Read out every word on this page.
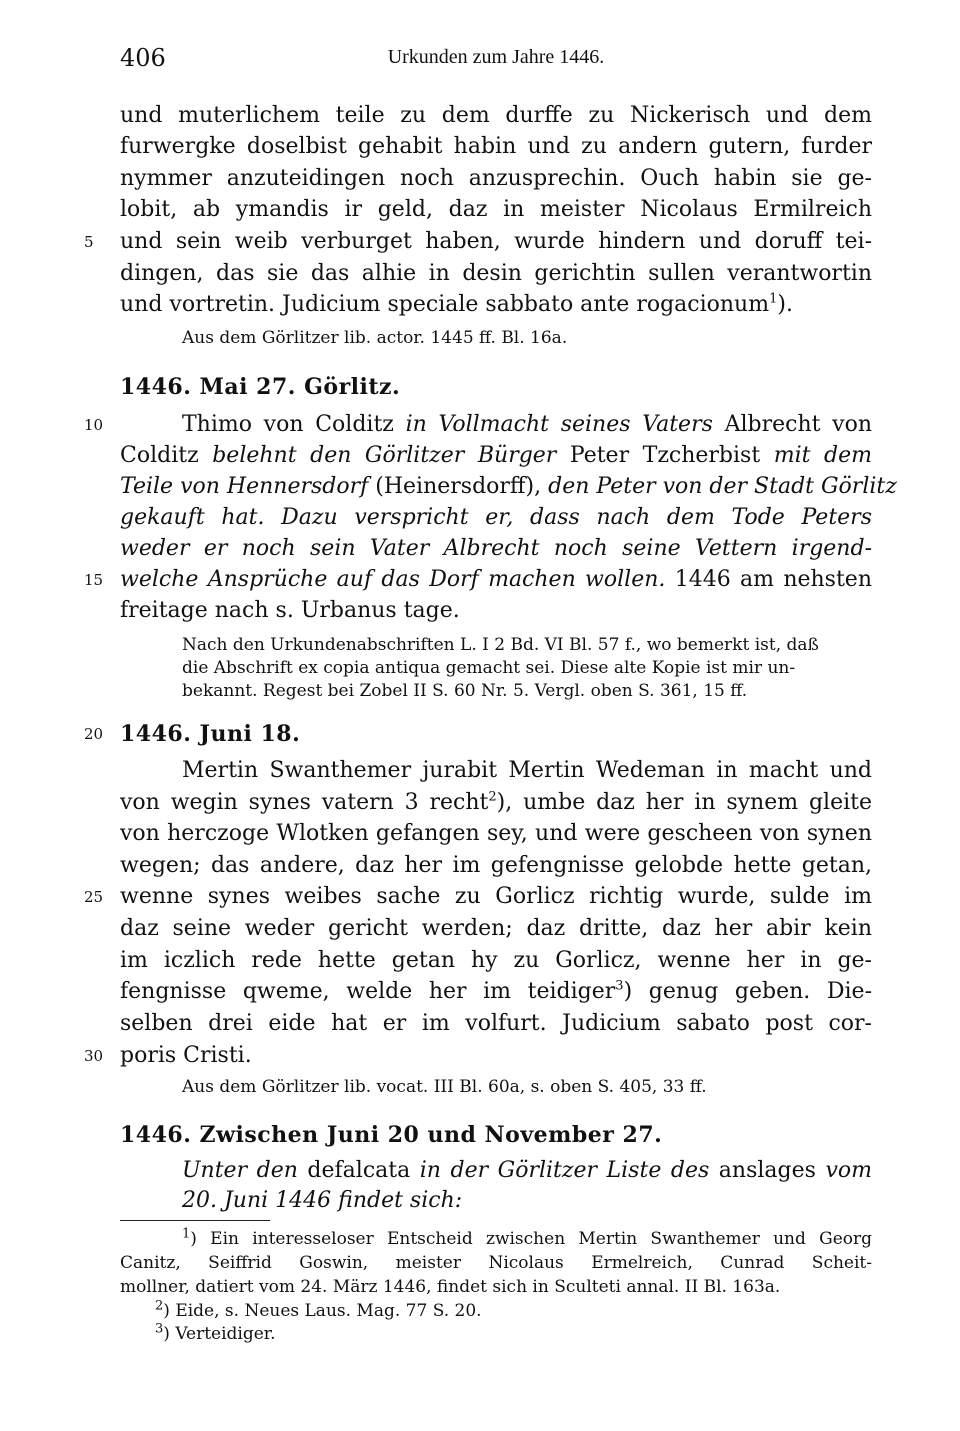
406	Urkunden zum Jahre 1446.
5
10
15
20
25
30
und muterlichem teile zu dem durffe zu Nickerisch und dem
furwergke doselbist gehabit habin und zu andern gutern, furder
nymmer anzuteidingen noch anzusprechin. Ouch habin sie ge-
lobit, ab ymandis ir geld, daz in meister Nicolaus Ermilreich
und sein weib verburget haben, wurde hindern und doruff tei-
dingen, das sie das alhie in desin gerichtin sullen verantwortin
und vortretin. Judicium speciale sabbato ante rogacionum$^1$).
Aus dem Görlitzer lib. actor. 1445 ff. Bl. 16a.
1446. Mai 27. Görlitz.
Thimo von Colditz in Vollmacht seines Vaters Albrecht von
Colditz belehnt den Görlitzer Bürger Peter Tzcherbist mit dem
Teile von Hennersdorf (Heinersdorff), den Peter von der Stadt Görlitz
gekauft hat. Dazu verspricht er, dass nach dem Tode Peters
weder er noch sein Vater Albrecht noch seine Vettern irgend-
welche Ansprüche auf das Dorf machen wollen. 1446 am nehsten
freitage nach s. Urbanus tage.
Nach den Urkundenabschriften L. I 2 Bd. VI Bl. 57 f., wo bemerkt ist, daß
die Abschrift ex copia antiqua gemacht sei. Diese alte Kopie ist mir un-
bekannt. Regest bei Zobel II S. 60 Nr. 5. Vergl. oben S. 361, 15 ff.
1446. Juni 18.
Mertin Swanthemer jurabit Mertin Wedeman in macht und
von wegin synes vatern 3 recht$^2$), umbe daz her in synem gleite
von herczoge Wlotken gefangen sey, und were gescheen von synen
wegen; das andere, daz her im gefengnisse gelobde hette getan,
wenne synes weibes sache zu Gorlicz richtig wurde, sulde im
daz seine weder gericht werden; daz dritte, daz her abir kein
im iczlich rede hette getan hy zu Gorlicz, wenne her in ge-
fengnisse qweme, welde her im teidiger$^3$) genug geben. Die-
selben drei eide hat er im volfurt. Judicium sabato post cor-
poris Cristi.
Aus dem Görlitzer lib. vocat. III Bl. 60a, s. oben S. 405, 33 ff.
1446. Zwischen Juni 20 und November 27.
Unter den defalcata in der Görlitzer Liste des anslages vom
20. Juni 1446 findet sich:
$^1$) Ein interesseloser Entscheid zwischen Mertin Swanthemer und Georg
Canitz, Seiffrid Goswin, meister Nicolaus Ermelreich, Cunrad Scheit-
mollner, datiert vom 24. März 1446, findet sich in Sculteti annal. II Bl. 163a.
$^2$) Eide, s. Neues Laus. Mag. 77 S. 20.
$^3$) Verteidiger.
